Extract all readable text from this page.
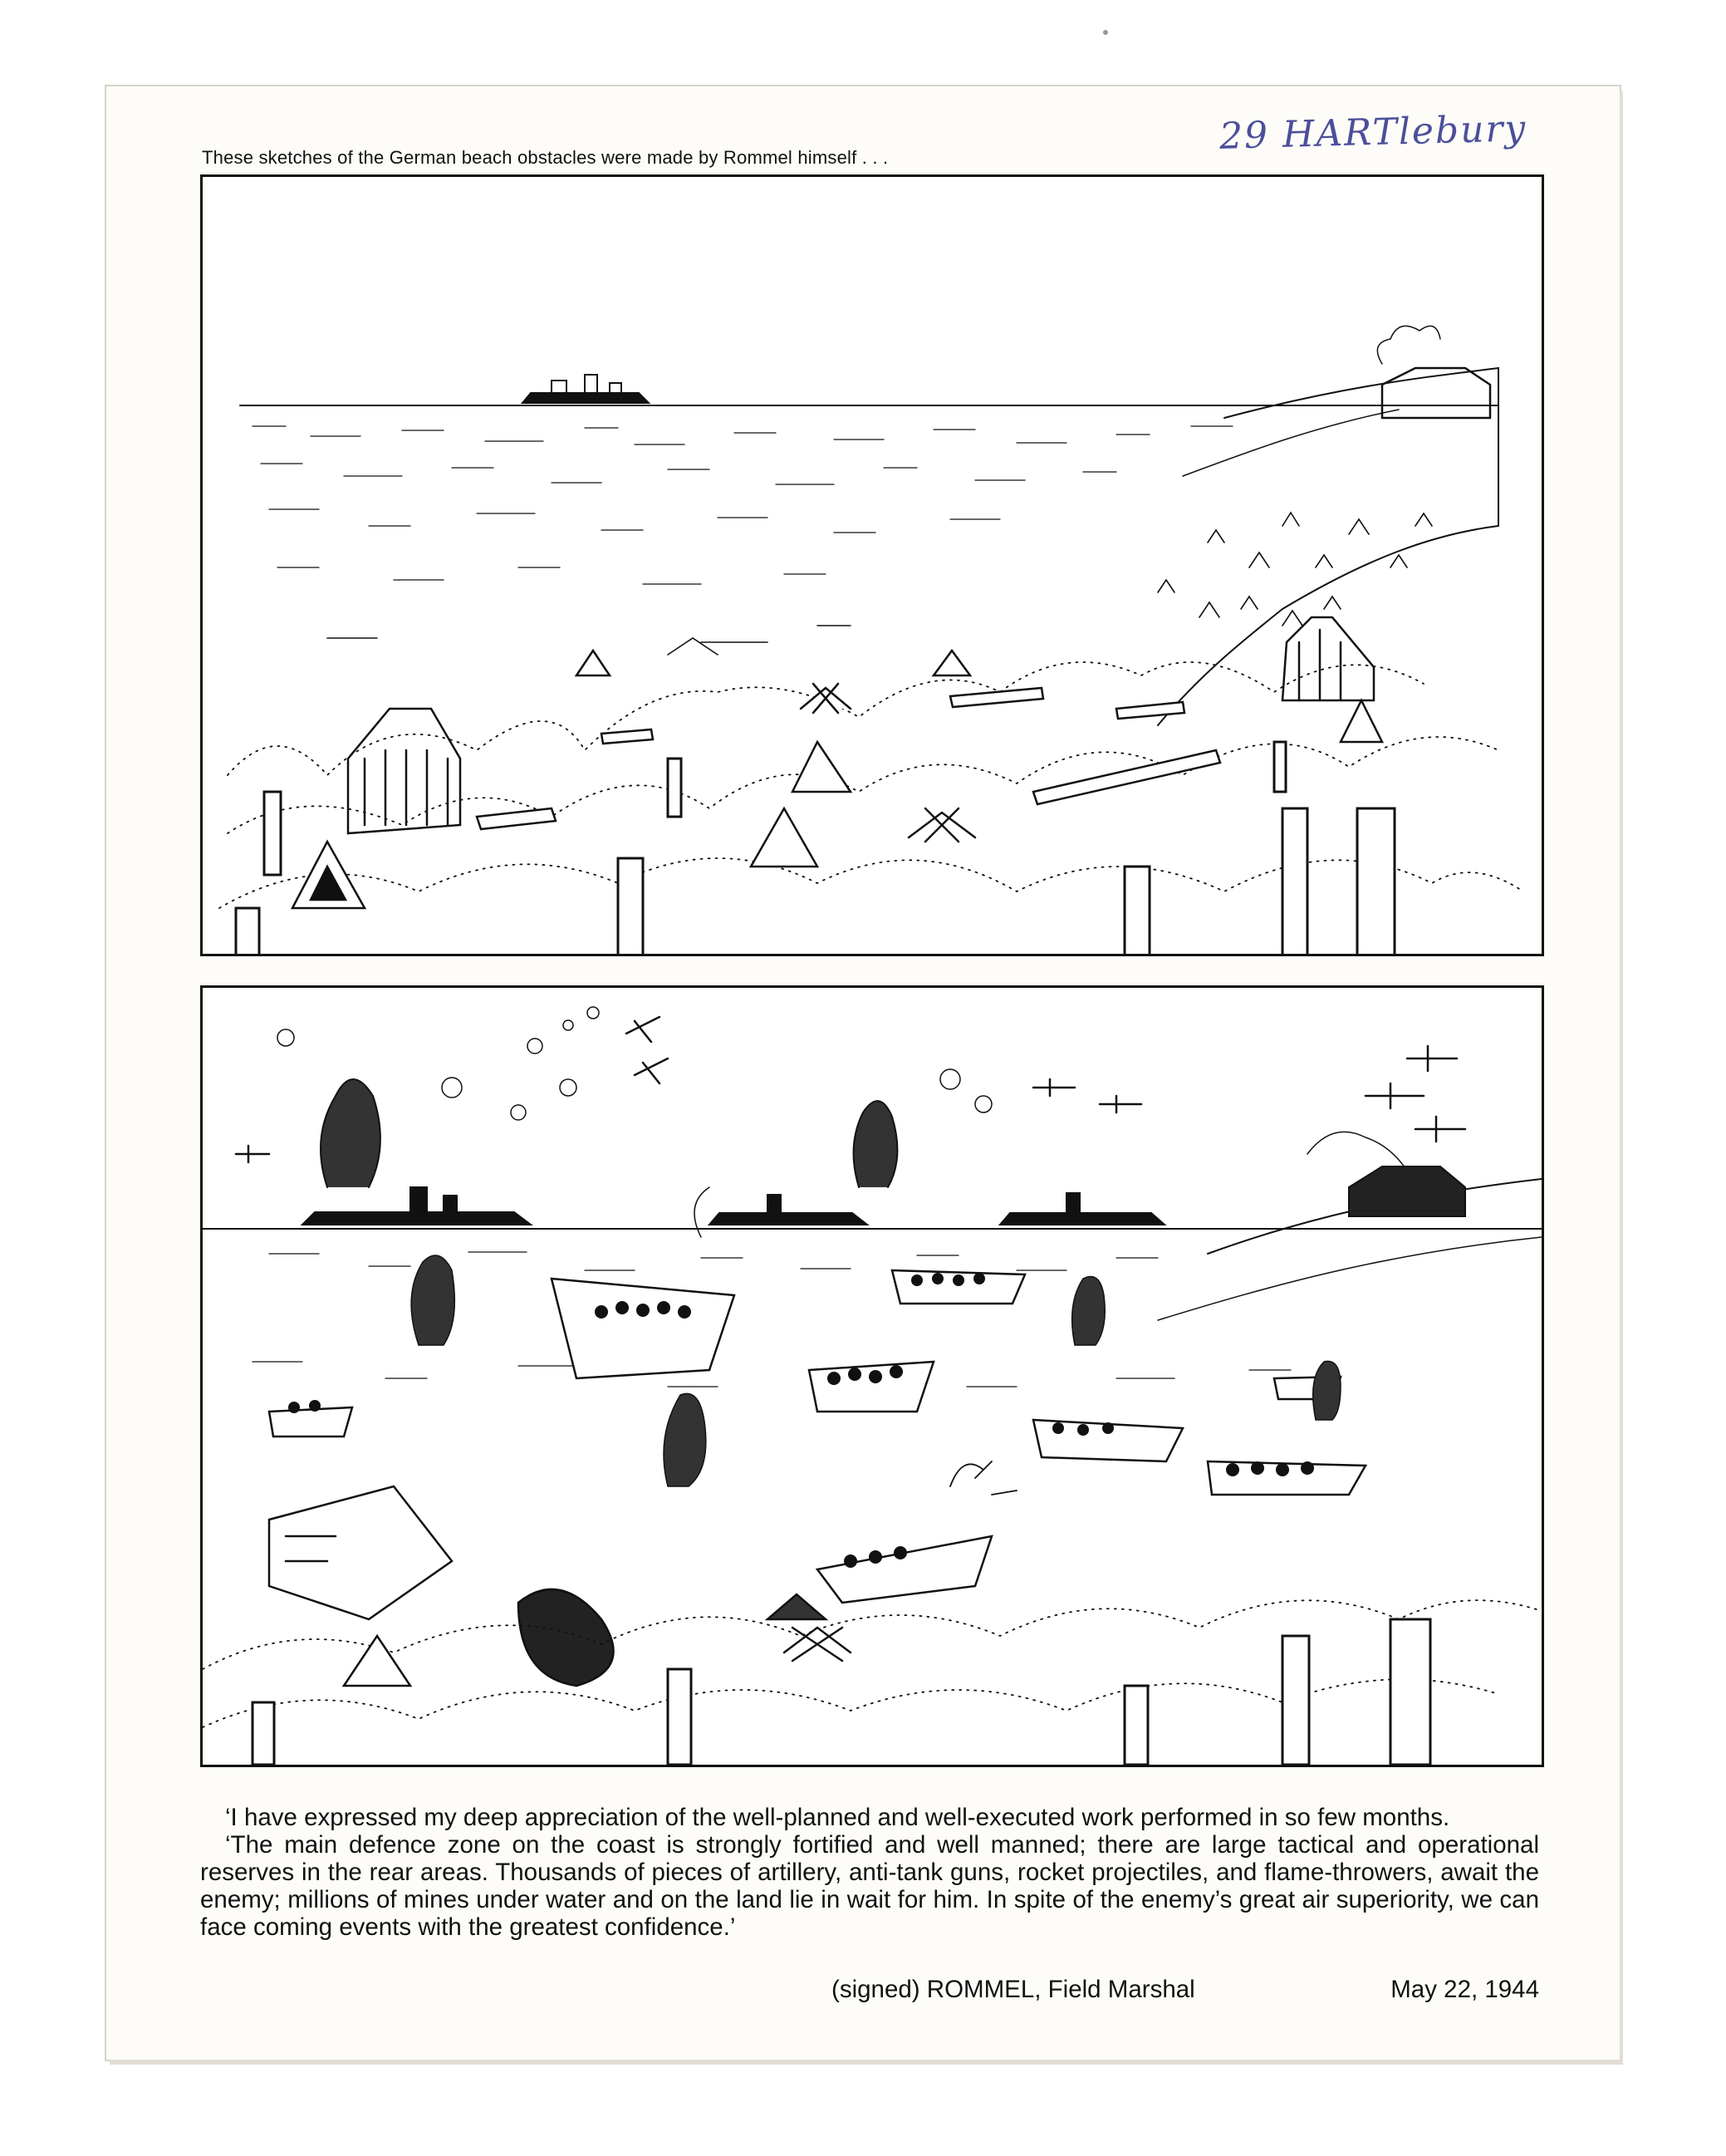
29 HARTlebury
These sketches of the German beach obstacles were made by Rommel himself . . .

‘I have expressed my deep appreciation of the well-planned and well-executed work performed in so few months.

‘The main defence zone on the coast is strongly fortified and well manned; there are large tactical and operational reserves in the rear areas. Thousands of pieces of artillery, anti-tank guns, rocket projectiles, and flame-throwers, await the enemy; millions of mines under water and on the land lie in wait for him. In spite of the enemy’s great air superiority, we can face coming events with the greatest confidence.’

(signed) ROMMEL, Field Marshal	May 22, 1944
